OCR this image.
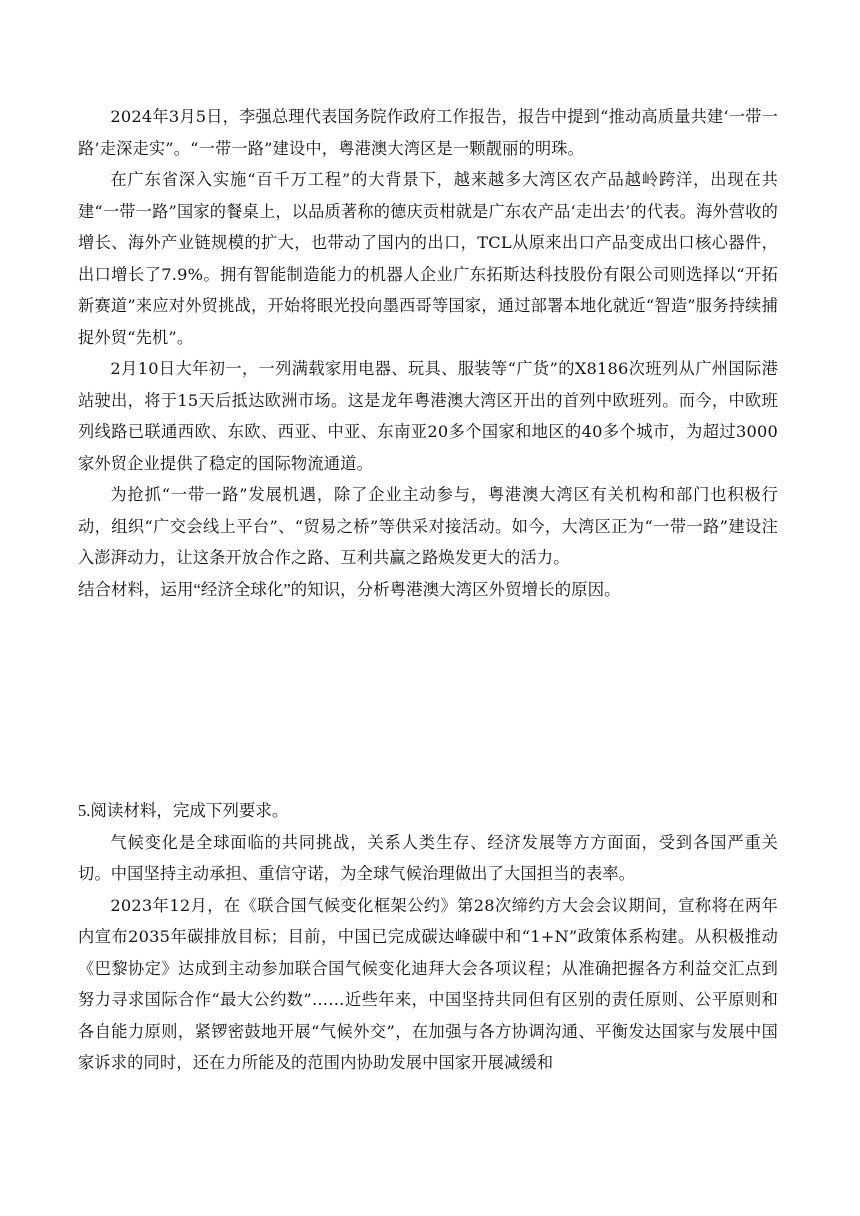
2024年3月5日，李强总理代表国务院作政府工作报告，报告中提到“推动高质量共建‘一带一路’走深走实”。“一带一路”建设中，粤港澳大湾区是一颗靓丽的明珠。

在广东省深入实施“百千万工程”的大背景下，越来越多大湾区农产品越岭跨洋，出现在共建“一带一路”国家的餐桌上，以品质著称的德庆贡柑就是广东农产品‘走出去’的代表。海外营收的增长、海外产业链规模的扩大，也带动了国内的出口，TCL从原来出口产品变成出口核心器件，出口增长了7.9%。拥有智能制造能力的机器人企业广东拓斯达科技股份有限公司则选择以“开拓新赛道”来应对外贸挑战，开始将眼光投向墨西哥等国家，通过部署本地化就近“智造”服务持续捕捉外贸“先机”。

2月10日大年初一，一列满载家用电器、玩具、服装等“广货”的X8186次班列从广州国际港站驶出，将于15天后抵达欧洲市场。这是龙年粤港澳大湾区开出的首列中欧班列。而今，中欧班列线路已联通西欧、东欧、西亚、中亚、东南亚20多个国家和地区的40多个城市，为超过3000家外贸企业提供了稳定的国际物流通道。

为抢抓“一带一路”发展机遇，除了企业主动参与，粤港澳大湾区有关机构和部门也积极行动，组织“广交会线上平台”、“贸易之桥”等供采对接活动。如今，大湾区正为“一带一路”建设注入澎湃动力，让这条开放合作之路、互利共赢之路焕发更大的活力。

结合材料，运用“经济全球化”的知识，分析粤港澳大湾区外贸增长的原因。

5.阅读材料，完成下列要求。

气候变化是全球面临的共同挑战，关系人类生存、经济发展等方方面面，受到各国严重关切。中国坚持主动承担、重信守诺，为全球气候治理做出了大国担当的表率。

2023年12月，在《联合国气候变化框架公约》第28次缔约方大会会议期间，宣称将在两年内宣布2035年碳排放目标；目前，中国已完成碳达峰碳中和“1+N”政策体系构建。从积极推动《巴黎协定》达成到主动参加联合国气候变化迪拜大会各项议程；从准确把握各方利益交汇点到努力寻求国际合作“最大公约数”……近些年来，中国坚持共同但有区别的责任原则、公平原则和各自能力原则，紧锣密鼓地开展“气候外交”，在加强与各方协调沟通、平衡发达国家与发展中国家诉求的同时，还在力所能及的范围内协助发展中国家开展减缓和
